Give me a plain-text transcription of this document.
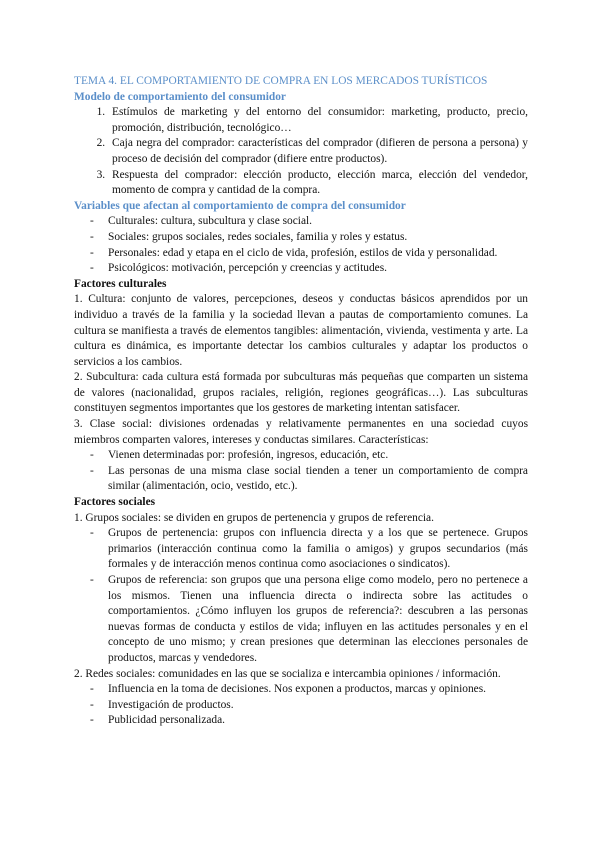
TEMA 4. EL COMPORTAMIENTO DE COMPRA EN LOS MERCADOS TURÍSTICOS

Modelo de comportamiento del consumidor

1. Estímulos de marketing y del entorno del consumidor: marketing, producto, precio, promoción, distribución, tecnológico…
2. Caja negra del comprador: características del comprador (difieren de persona a persona) y proceso de decisión del comprador (difiere entre productos).
3. Respuesta del comprador: elección producto, elección marca, elección del vendedor, momento de compra y cantidad de la compra.

Variables que afectan al comportamiento de compra del consumidor

- Culturales: cultura, subcultura y clase social.
- Sociales: grupos sociales, redes sociales, familia y roles y estatus.
- Personales: edad y etapa en el ciclo de vida, profesión, estilos de vida y personalidad.
- Psicológicos: motivación, percepción y creencias y actitudes.

Factores culturales

1. Cultura: conjunto de valores, percepciones, deseos y conductas básicos aprendidos por un individuo a través de la familia y la sociedad llevan a pautas de comportamiento comunes. La cultura se manifiesta a través de elementos tangibles: alimentación, vivienda, vestimenta y arte. La cultura es dinámica, es importante detectar los cambios culturales y adaptar los productos o servicios a los cambios.

2. Subcultura: cada cultura está formada por subculturas más pequeñas que comparten un sistema de valores (nacionalidad, grupos raciales, religión, regiones geográficas…). Las subculturas constituyen segmentos importantes que los gestores de marketing intentan satisfacer.

3. Clase social: divisiones ordenadas y relativamente permanentes en una sociedad cuyos miembros comparten valores, intereses y conductas similares. Características:

- Vienen determinadas por: profesión, ingresos, educación, etc.
- Las personas de una misma clase social tienden a tener un comportamiento de compra similar (alimentación, ocio, vestido, etc.).

Factores sociales

1. Grupos sociales: se dividen en grupos de pertenencia y grupos de referencia.

- Grupos de pertenencia: grupos con influencia directa y a los que se pertenece. Grupos primarios (interacción continua como la familia o amigos) y grupos secundarios (más formales y de interacción menos continua como asociaciones o sindicatos).
- Grupos de referencia: son grupos que una persona elige como modelo, pero no pertenece a los mismos. Tienen una influencia directa o indirecta sobre las actitudes o comportamientos. ¿Cómo influyen los grupos de referencia?: descubren a las personas nuevas formas de conducta y estilos de vida; influyen en las actitudes personales y en el concepto de uno mismo; y crean presiones que determinan las elecciones personales de productos, marcas y vendedores.

2. Redes sociales: comunidades en las que se socializa e intercambia opiniones / información.

- Influencia en la toma de decisiones. Nos exponen a productos, marcas y opiniones.
- Investigación de productos.
- Publicidad personalizada.
